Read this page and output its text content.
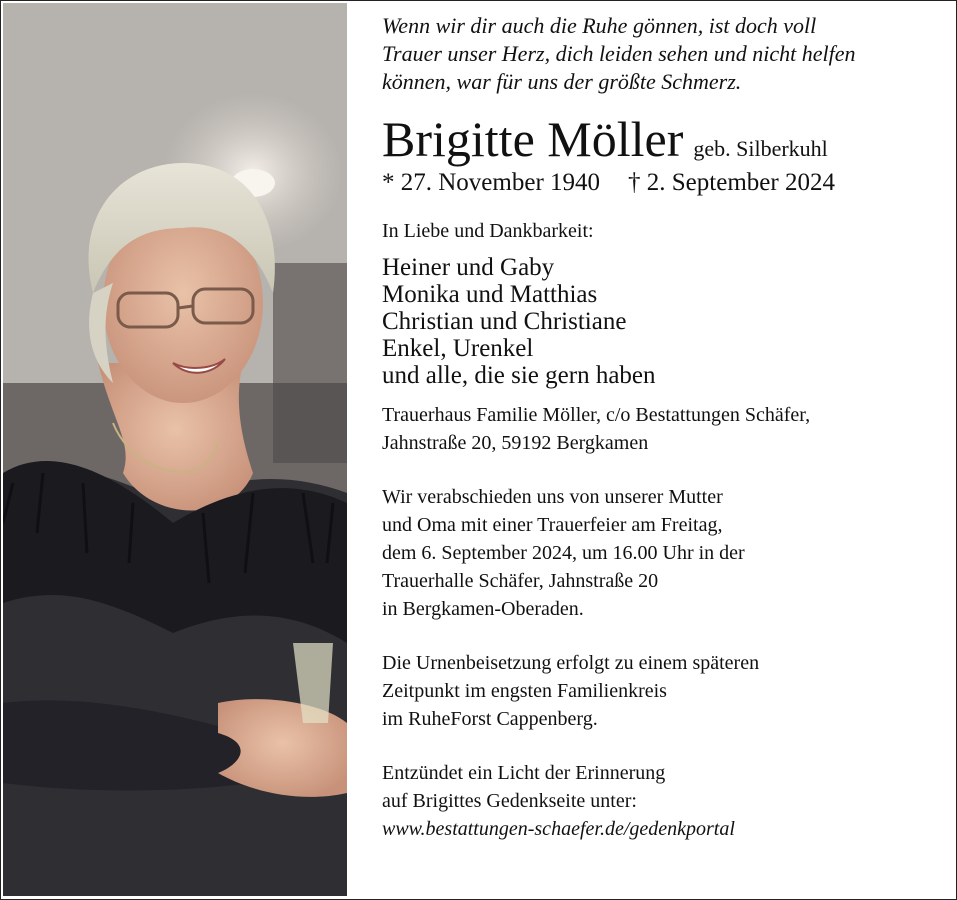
Wenn wir dir auch die Ruhe gönnen, ist doch voll
Trauer unser Herz, dich leiden sehen und nicht helfen
können, war für uns der größte Schmerz.

Brigitte Möller geb. Silberkuhl
* 27. November 1940 † 2. September 2024
In Liebe und Dankbarkeit:
Heiner und Gaby
Monika und Matthias
Christian und Christiane
Enkel, Urenkel
und alle, die sie gern haben
Trauerhaus Familie Möller, c/o Bestattungen Schäfer,
Jahnstraße 20, 59192 Bergkamen
Wir verabschieden uns von unserer Mutter
und Oma mit einer Trauerfeier am Freitag,
dem 6. September 2024, um 16.00 Uhr in der
Trauerhalle Schäfer, Jahnstraße 20
in Bergkamen-Oberaden.
Die Urnenbeisetzung erfolgt zu einem späteren
Zeitpunkt im engsten Familienkreis
im RuheForst Cappenberg.
Entzündet ein Licht der Erinnerung
auf Brigittes Gedenkseite unter:
www.bestattungen-schaefer.de/gedenkportal
